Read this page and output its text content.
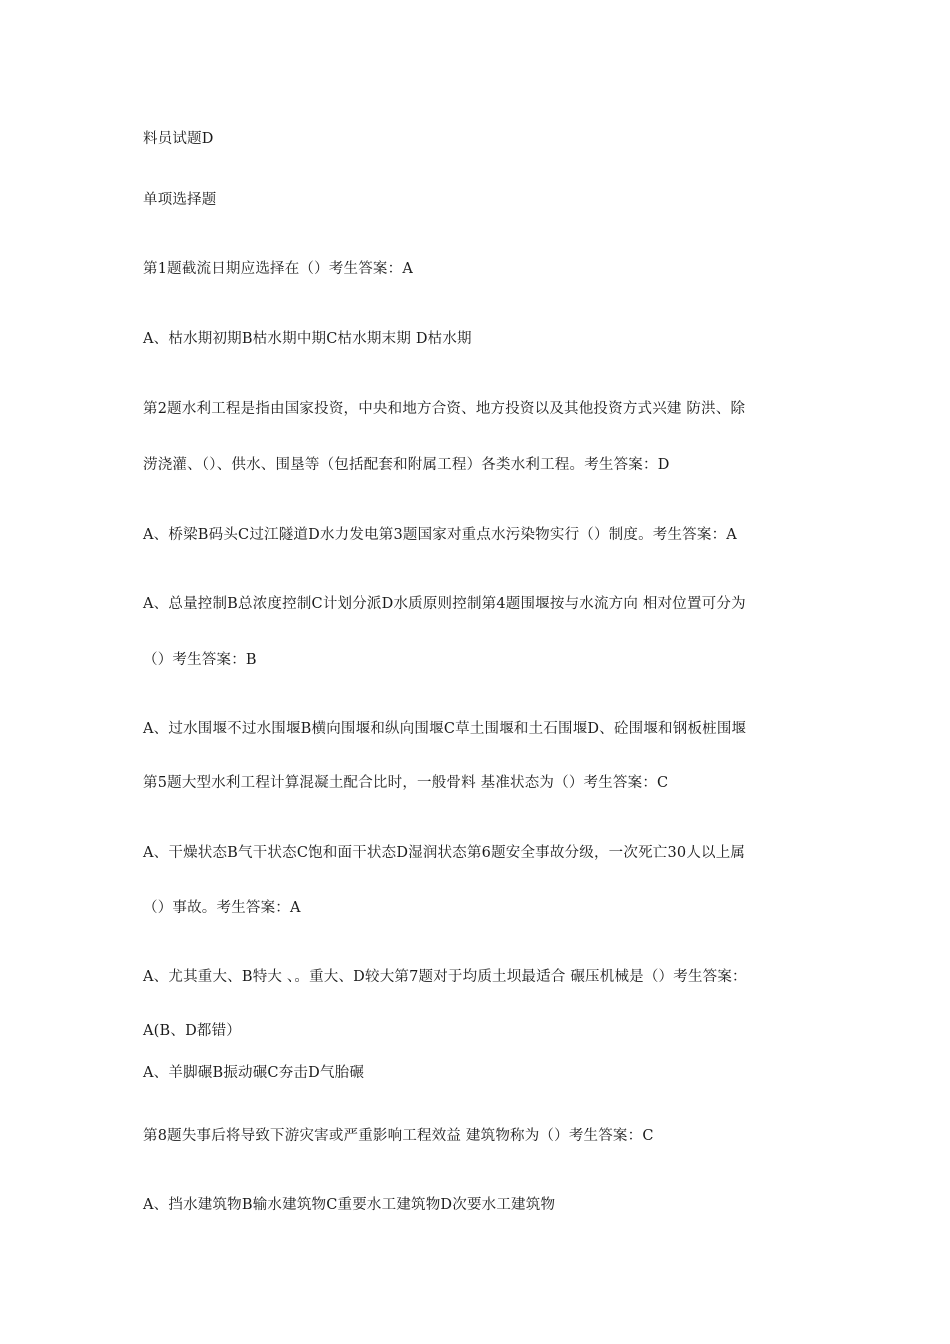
料员试题D
单项选择题
第1题截流日期应选择在（）考生答案：A
A、枯水期初期B枯水期中期C枯水期末期 D枯水期
第2题水利工程是指由国家投资，中央和地方合资、地方投资以及其他投资方式兴建 防洪、除
涝浇灌、（）、供水、围垦等（包括配套和附属工程）各类水利工程。考生答案：D
A、桥梁B码头C过江隧道D水力发电第3题国家对重点水污染物实行（）制度。考生答案：A
A、总量控制B总浓度控制C计划分派D水质原则控制第4题围堰按与水流方向 相对位置可分为
（）考生答案：B
A、过水围堰不过水围堰B横向围堰和纵向围堰C草土围堰和土石围堰D、砼围堰和钢板桩围堰
第5题大型水利工程计算混凝土配合比时，一般骨料 基准状态为（）考生答案：C
A、干燥状态B气干状态C饱和面干状态D湿润状态第6题安全事故分级，一次死亡30人以上属
（）事故。考生答案：A
A、尤其重大、B特大 、。重大、D较大第7题对于均质土坝最适合 碾压机械是（）考生答案：
A(B、D都错）
A、羊脚碾B振动碾C夯击D气胎碾
第8题失事后将导致下游灾害或严重影响工程效益 建筑物称为（）考生答案：C
A、挡水建筑物B输水建筑物C重要水工建筑物D次要水工建筑物
